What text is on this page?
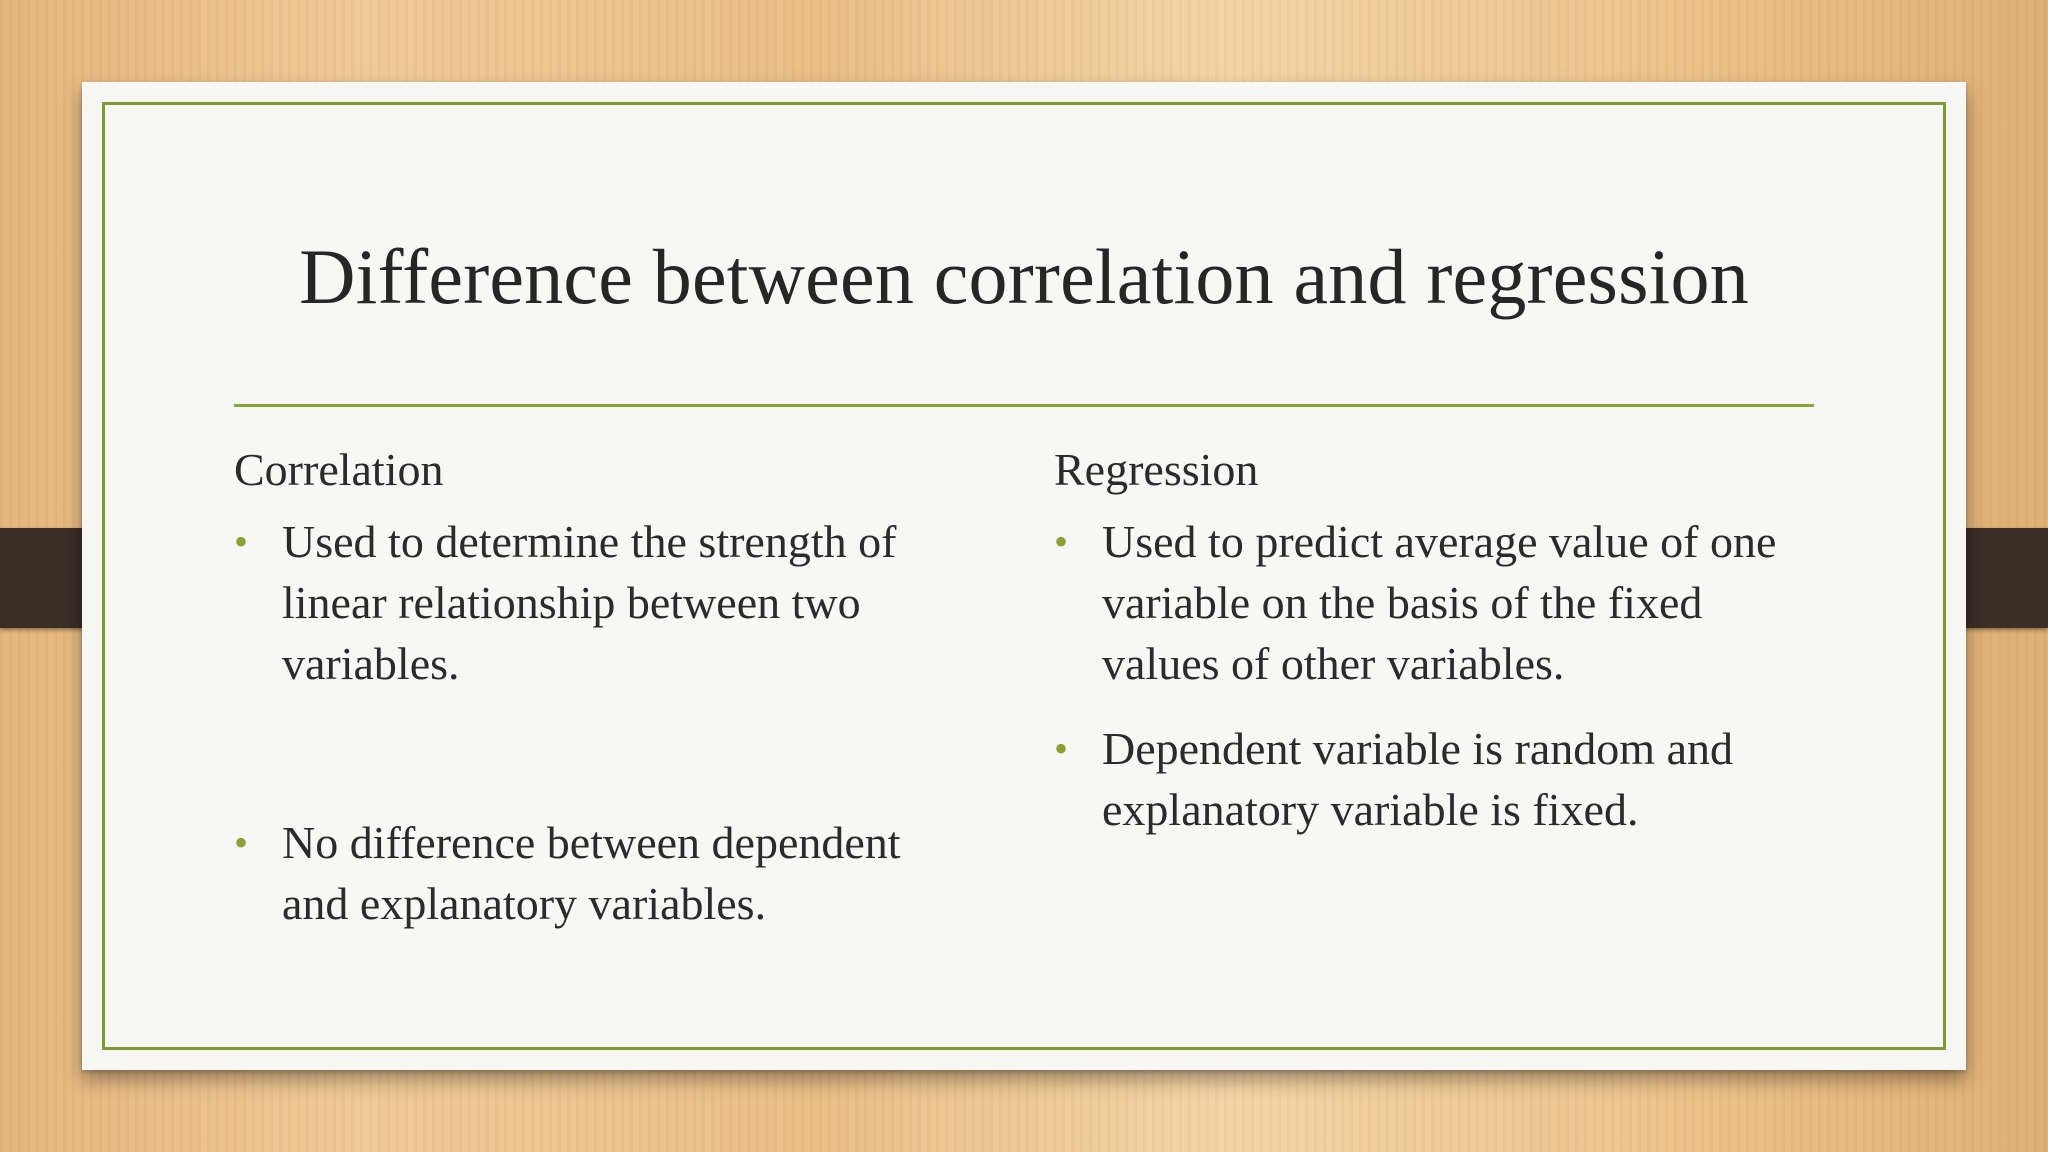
Difference between correlation and regression
Correlation
• Used to determine the strength of linear relationship between two variables.
• No difference between dependent and explanatory variables.
Regression
• Used to predict average value of one variable on the basis of the fixed values of other variables.
• Dependent variable is random and explanatory variable is fixed.
